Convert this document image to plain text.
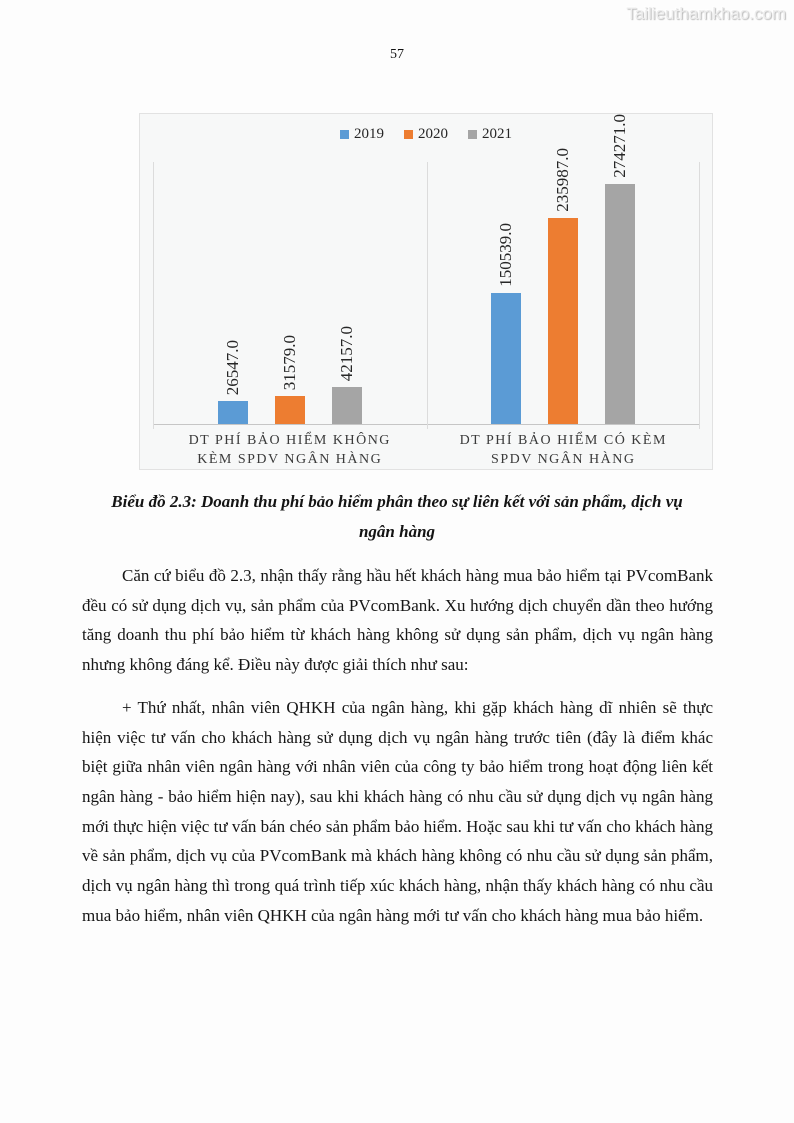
Tailieuthamkhao.com
57
2019 2020 2021
26547.0 31579.0 42157.0
150539.0
235987.0
274271.0
DT PHÍ BẢO HIỂM KHÔNG
KÈM SPDV NGÂN HÀNG
DT PHÍ BẢO HIỂM CÓ KÈM
SPDV NGÂN HÀNG
Biểu đồ 2.3: Doanh thu phí bảo hiểm phân theo sự liên kết với sản phẩm, dịch vụ
ngân hàng

Căn cứ biểu đồ 2.3, nhận thấy rằng hầu hết khách hàng mua bảo hiểm tại PVcomBank đều có sử dụng dịch vụ, sản phẩm của PVcomBank. Xu hướng dịch chuyển dần theo hướng tăng doanh thu phí bảo hiểm từ khách hàng không sử dụng sản phẩm, dịch vụ ngân hàng nhưng không đáng kể. Điều này được giải thích như sau:

+ Thứ nhất, nhân viên QHKH của ngân hàng, khi gặp khách hàng dĩ nhiên sẽ thực hiện việc tư vấn cho khách hàng sử dụng dịch vụ ngân hàng trước tiên (đây là điểm khác biệt giữa nhân viên ngân hàng với nhân viên của công ty bảo hiểm trong hoạt động liên kết ngân hàng - bảo hiểm hiện nay), sau khi khách hàng có nhu cầu sử dụng dịch vụ ngân hàng mới thực hiện việc tư vấn bán chéo sản phẩm bảo hiểm. Hoặc sau khi tư vấn cho khách hàng về sản phẩm, dịch vụ của PVcomBank mà khách hàng không có nhu cầu sử dụng sản phẩm, dịch vụ ngân hàng thì trong quá trình tiếp xúc khách hàng, nhận thấy khách hàng có nhu cầu mua bảo hiểm, nhân viên QHKH của ngân hàng mới tư vấn cho khách hàng mua bảo hiểm.
